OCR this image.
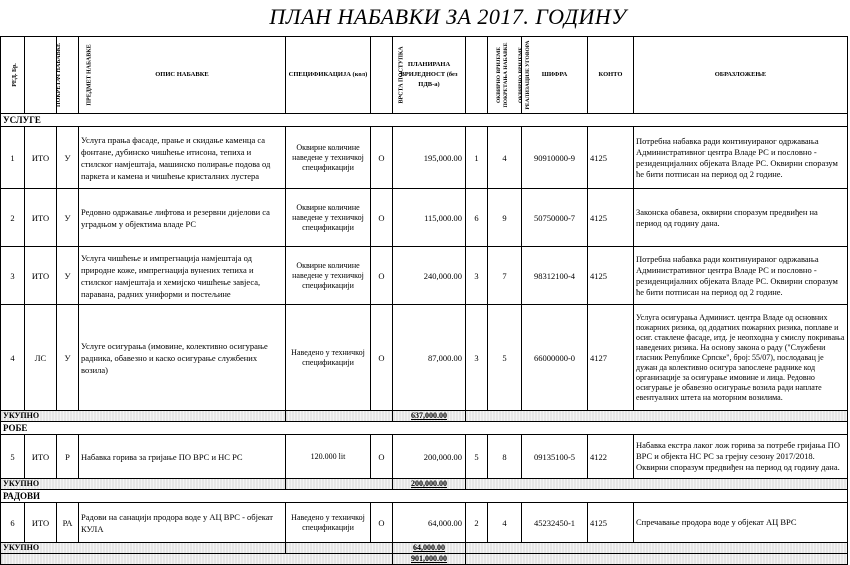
ПЛАН НАБАВКИ ЗА 2017. ГОДИНУ
РЕД. Бр.	ПОКРЕТАЧ НАБАВКЕ	ПРЕДМЕТ НАБАВКЕ	ОПИС НАБАВКЕ	СПЕЦИФИКАЦИЈА (кол)	ВРСТА ПОСТУПКА	ПЛАНИРАНА ВРИЈЕДНОСТ (без ПДВ-а)	ОКВИРНО ВРИЈЕМЕ ПОКРЕТАЊА НАБАВКЕ	ОКВИРНО ВРИЈЕМЕ РЕАЛИЗАЦИЈЕ УГОВОРА	ШИФРА	КОНТО	ОБРАЗЛОЖЕЊЕ
УСЛУГЕ											
1	ИТО	У	Услуга прања фасаде, прање и скидање каменца са фонтане, дубинско чишћење итисона, тепиха и стилског намјештаја, машинско полирање подова од паркета и камена и чишћење кристалних лустера	Оквирне количине наведене у техничкој спецификацији	О	195,000.00	1	4	90910000-9	4125	Потребна набавка ради континуираног одржавања Административног центра Владе РС и пословно - резиденцијалних објеката Владе РС. Оквирни споразум ће бити потписан на период од 2 године.
2	ИТО	У	Редовно одржавање лифтова и резервни дијелови са уградњом у објектима владе РС	Оквирне количине наведене у техничкој спецификацији	О	115,000.00	6	9	50750000-7	4125	Законска обавеза, оквирни споразум предвиђен на период од годину дана.
3	ИТО	У	Услуга чишћење и импрегнација намјештаја од природне коже, импрегнација вунених тепиха и стилског намјештаја и хемијско чишћење завјеса, паравана, радних униформи и постељине	Оквирне количине наведене у техничкој спецификацији	О	240,000.00	3	7	98312100-4	4125	Потребна набавка ради континуираног одржавања Административног центра Владе РС и пословно - резиденцијалних објеката Владе РС. Оквирни споразум ће бити потписан на период од 2 године.
4	ЛС	У	Услуге осигурања (имовине, колективно осигурање радника, обавезно и каско осигурање службених возила)	Наведено у техничкој спецификацији	О	87,000.00	3	5	66000000-0	4127	Услуга осигурања Админист. центра Владе од основних пожарних ризика, од додатних пожарних ризика, поплаве и осиг. стаклене фасаде, итд. је неопходна у смислу покривања наведених ризика. На основу закона о раду ("Службени гласник Републике Српске", број: 55/07), послодавац је дужан да колективно осигура запослене раднике код организације за осигурање имовине и лица. Редовно осигурање је обавезно осигурање возила ради наплате евентуалних штета на моторним возилима.
УКУПНО						637,000.00					
РОБЕ											
5	ИТО	Р	Набавка горива за гријање ПО ВРС и НС РС	120.000 lit	О	200,000.00	5	8	09135100-5	4122	Набавка екстра лаког лож горива за потребе гријања ПО ВРС и објекта НС РС за грејну сезону 2017/2018. Оквирни споразум предвиђен на период од годину дана.
УКУПНО						200,000.00					
РАДОВИ											
6	ИТО	РА	Радови на санацији продора воде у АЦ ВРС - објекат КУЛА	Наведено у техничкој спецификацији	О	64,000.00	2	4	45232450-1	4125	Спречавање продора воде у објекат АЦ ВРС
УКУПНО						64,000.00					
						901,000.00					
